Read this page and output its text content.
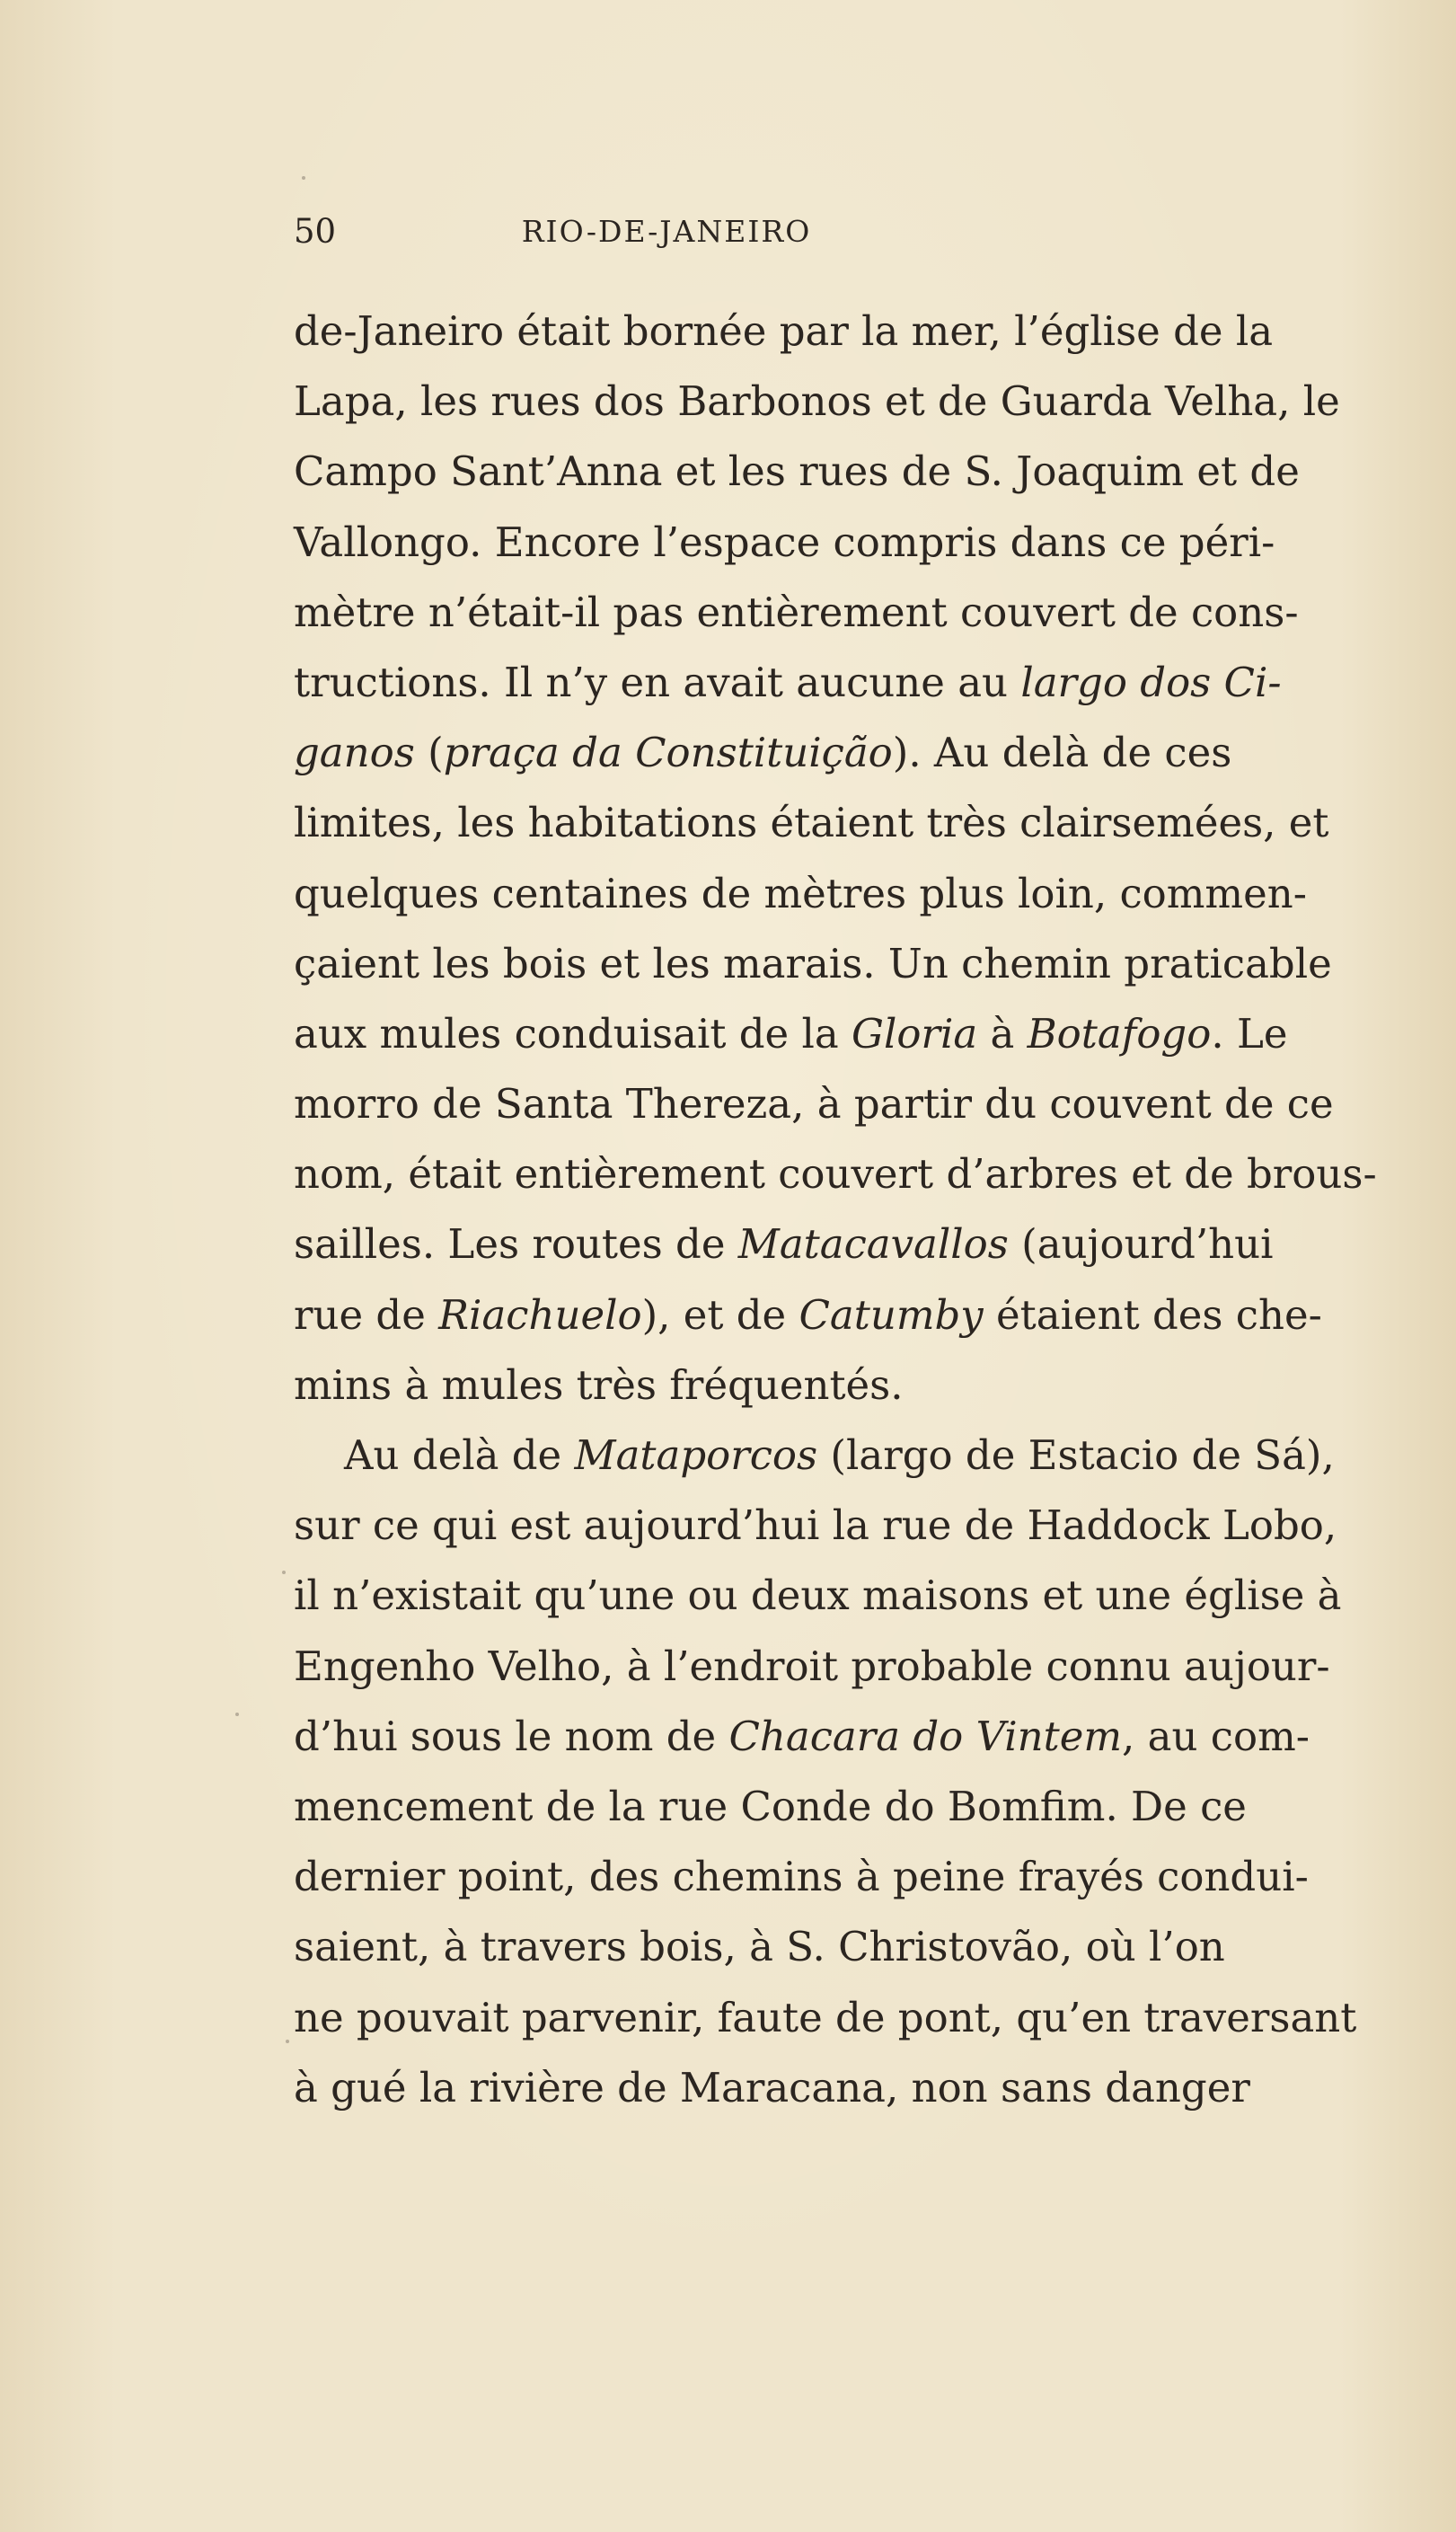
50	RIO-DE-JANEIRO
de-Janeiro était bornée par la mer, l’église de la
Lapa, les rues dos Barbonos et de Guarda Velha, le
Campo Sant’Anna et les rues de S. Joaquim et de
Vallongo. Encore l’espace compris dans ce péri-
mètre n’était-il pas entièrement couvert de cons-
tructions. Il n’y en avait aucune au largo dos Ci-
ganos (praça da Constituição). Au delà de ces
limites, les habitations étaient très clairsemées, et
quelques centaines de mètres plus loin, commen-
çaient les bois et les marais. Un chemin praticable
aux mules conduisait de la Gloria à Botafogo. Le
morro de Santa Thereza, à partir du couvent de ce
nom, était entièrement couvert d’arbres et de brous-
sailles. Les routes de Matacavallos (aujourd’hui
rue de Riachuelo), et de Catumby étaient des che-
mins à mules très fréquentés.
Au delà de Mataporcos (largo de Estacio de Sá),
sur ce qui est aujourd’hui la rue de Haddock Lobo,
il n’existait qu’une ou deux maisons et une église à
Engenho Velho, à l’endroit probable connu aujour-
d’hui sous le nom de Chacara do Vintem, au com-
mencement de la rue Conde do Bomfim. De ce
dernier point, des chemins à peine frayés condui-
saient, à travers bois, à S. Christovão, où l’on
ne pouvait parvenir, faute de pont, qu’en traversant
à gué la rivière de Maracana, non sans danger
